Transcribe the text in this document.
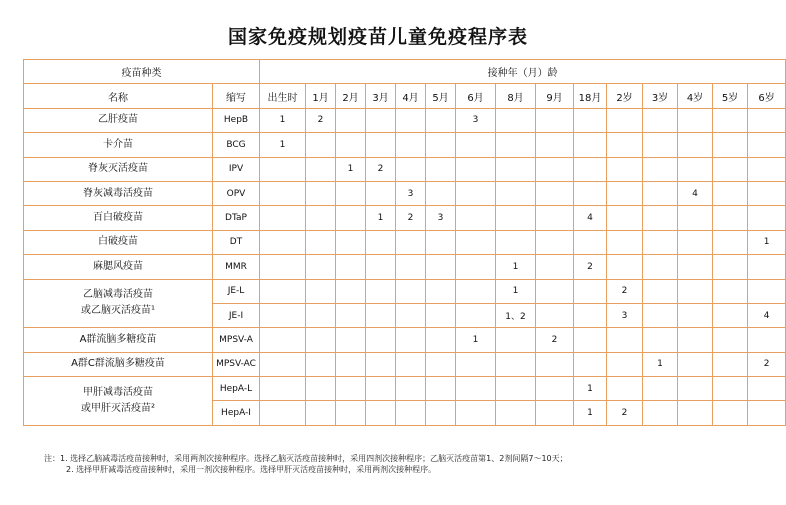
国家免疫规划疫苗儿童免疫程序表
疫苗种类		接种年（月）龄														
名称	缩写	出生时	1月	2月	3月	4月	5月	6月	8月	9月	18月	2岁	3岁	4岁	5岁	6岁

乙肝疫苗	HepB	1	2					3								

卡介苗	BCG	1														

脊灰灭活疫苗	IPV			1	2											

脊灰减毒活疫苗	OPV					3								4		

百白破疫苗	DTaP				1	2	3				4					

白破疫苗	DT															1

麻腮风疫苗	MMR								1		2					

乙脑减毒活疫苗
或乙脑灭活疫苗¹	JE-L								1			2				
	JE-I								1、2			3				4

A群流脑多糖疫苗	MPSV-A							1		2						

A群C群流脑多糖疫苗	MPSV-AC												1			2

甲肝减毒活疫苗
或甲肝灭活疫苗²	HepA-L										1					
	HepA-I										1	2				
注：1. 选择乙脑减毒活疫苗接种时，采用两剂次接种程序。选择乙脑灭活疫苗接种时，采用四剂次接种程序；乙脑灭活疫苗第1、2剂间隔7～10天；
2. 选择甲肝减毒活疫苗接种时，采用一剂次接种程序。选择甲肝灭活疫苗接种时，采用两剂次接种程序。
